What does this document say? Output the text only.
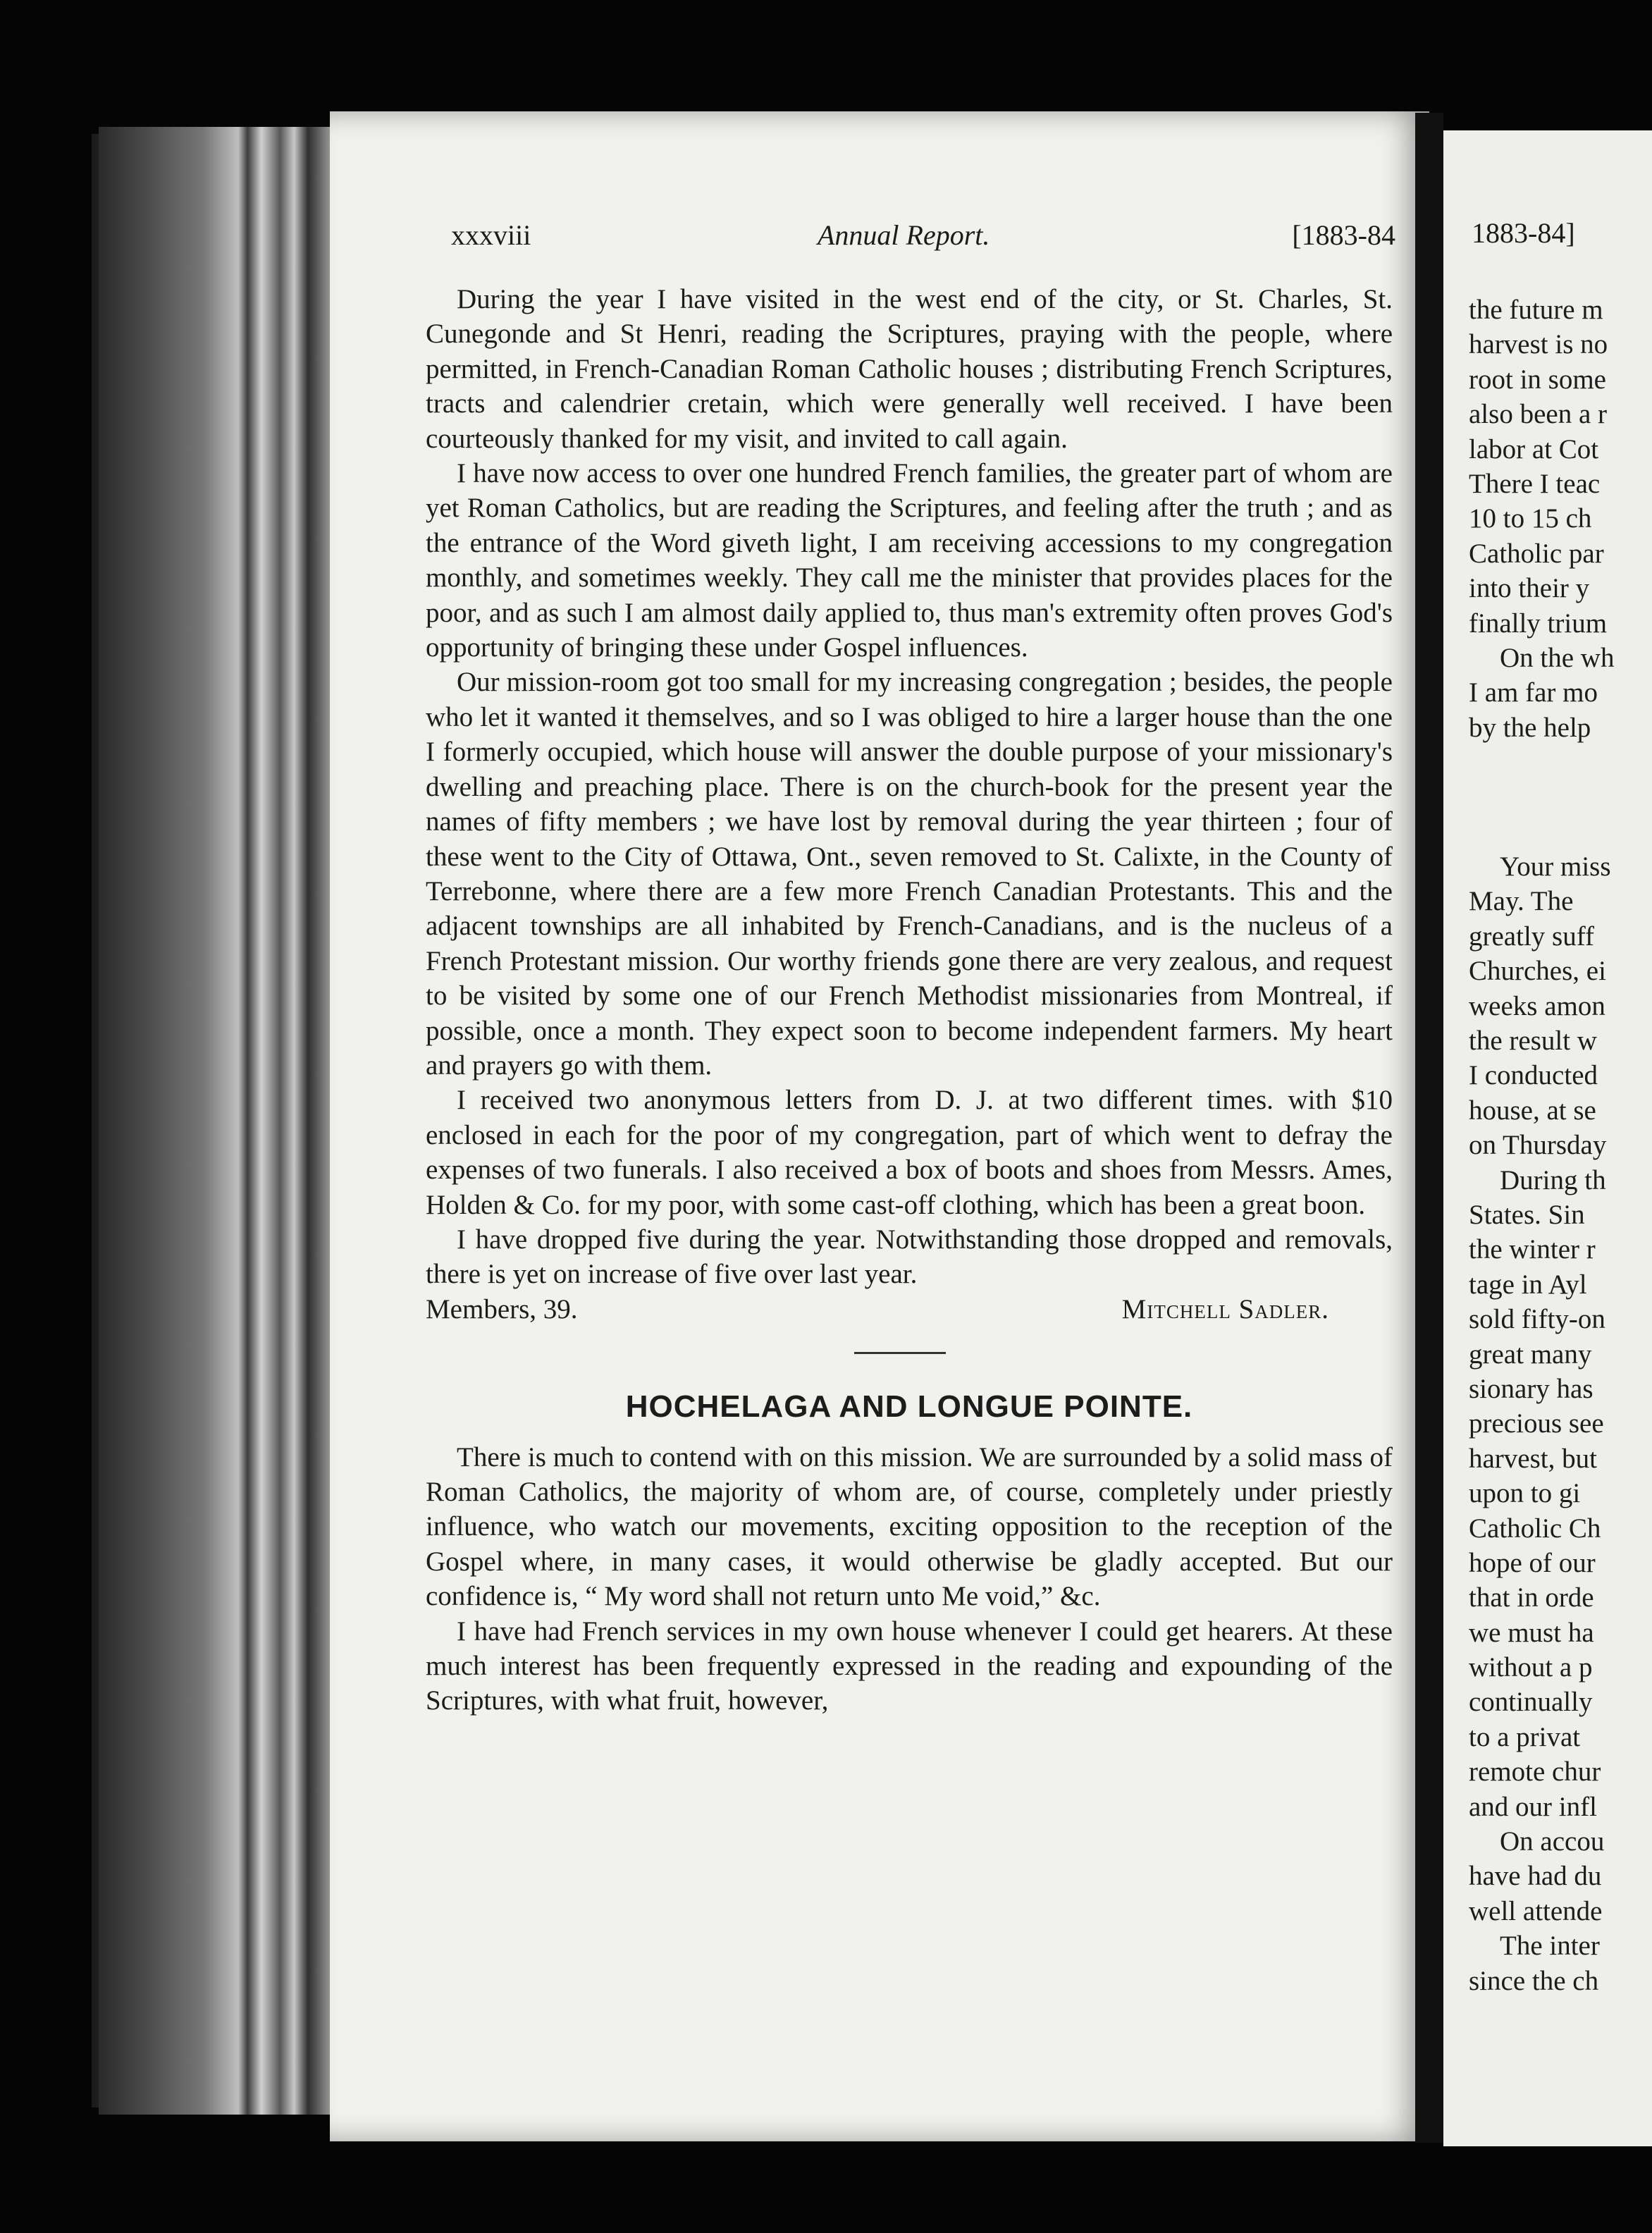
xxxviii	Annual Report.	[1883-84

During the year I have visited in the west end of the city, or St. Charles, St. Cunegonde and St Henri, reading the Scriptures, praying with the people, where permitted, in French-Canadian Roman Catholic houses ; distributing French Scriptures, tracts and calendrier cretain, which were generally well received. I have been courteously thanked for my visit, and invited to call again.

I have now access to over one hundred French families, the greater part of whom are yet Roman Catholics, but are reading the Scriptures, and feeling after the truth ; and as the entrance of the Word giveth light, I am receiving accessions to my congregation monthly, and sometimes weekly. They call me the minister that provides places for the poor, and as such I am almost daily applied to, thus man's extremity often proves God's opportunity of bringing these under Gospel influences.

Our mission-room got too small for my increasing congregation ; besides, the people who let it wanted it themselves, and so I was obliged to hire a larger house than the one I formerly occupied, which house will answer the double purpose of your missionary's dwelling and preaching place. There is on the church-book for the present year the names of fifty members ; we have lost by removal during the year thirteen ; four of these went to the City of Ottawa, Ont., seven removed to St. Calixte, in the County of Terrebonne, where there are a few more French Canadian Protestants. This and the adjacent townships are all inhabited by French-Canadians, and is the nucleus of a French Protestant mission. Our worthy friends gone there are very zealous, and request to be visited by some one of our French Methodist missionaries from Montreal, if possible, once a month. They expect soon to become independent farmers. My heart and prayers go with them.

I received two anonymous letters from D. J. at two different times. with $10 enclosed in each for the poor of my congregation, part of which went to defray the expenses of two funerals. I also received a box of boots and shoes from Messrs. Ames, Holden & Co. for my poor, with some cast-off clothing, which has been a great boon.

I have dropped five during the year. Notwithstanding those dropped and removals, there is yet on increase of five over last year.

Members, 39.	Mitchell Sadler.
HOCHELAGA AND LONGUE POINTE.

There is much to contend with on this mission. We are surrounded by a solid mass of Roman Catholics, the majority of whom are, of course, completely under priestly influence, who watch our movements, exciting opposition to the reception of the Gospel where, in many cases, it would otherwise be gladly accepted. But our confidence is, “ My word shall not return unto Me void,” &c.

I have had French services in my own house whenever I could get hearers. At these much interest has been frequently expressed in the reading and expounding of the Scriptures, with what fruit, however,

1883-84]
the future m
harvest is no
root in some
also been a r
labor at Cot
There I teac
10 to 15 ch
Catholic par
into their y
finally trium
On the wh
I am far mo
by the help
Your miss
May. The
greatly suff
Churches, ei
weeks amon
the result w
I conducted
house, at se
on Thursday
During th
States. Sin
the winter r
tage in Ayl
sold fifty-on
great many
sionary has
precious see
harvest, but
upon to gi
Catholic Ch
hope of our
that in orde
we must ha
without a p
continually
to a privat
remote chur
and our infl
On accou
have had du
well attende
The inter
since the ch
